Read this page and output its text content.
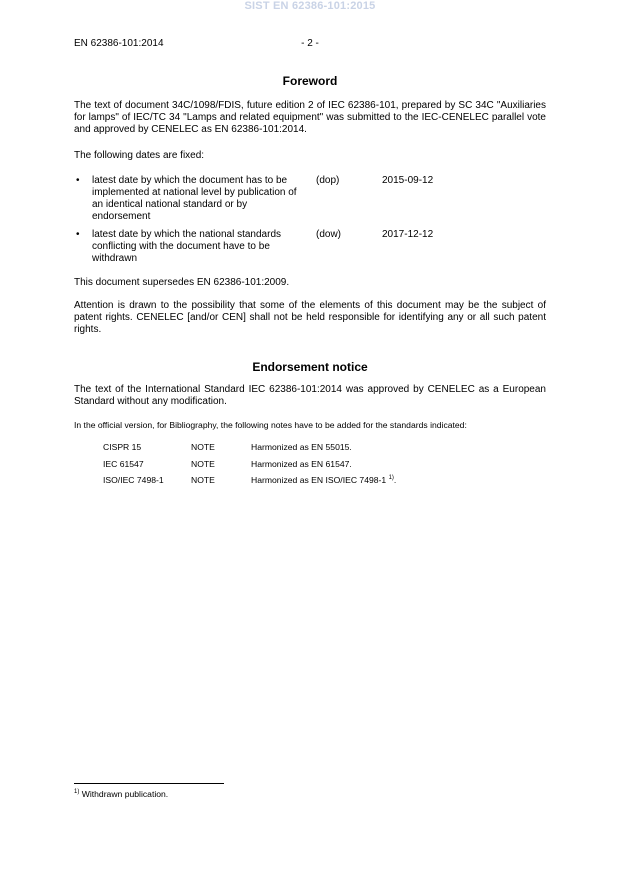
SIST EN 62386-101:2015
EN 62386-101:2014	- 2 -
Foreword
The text of document 34C/1098/FDIS, future edition 2 of IEC 62386-101, prepared by SC 34C "Auxiliaries for lamps" of IEC/TC 34 "Lamps and related equipment" was submitted to the IEC-CENELEC parallel vote and approved by CENELEC as EN 62386-101:2014.
The following dates are fixed:
• latest date by which the document has to be implemented at national level by publication of an identical national standard or by endorsement
(dop)	2015-09-12
• latest date by which the national standards conflicting with the document have to be withdrawn
(dow)	2017-12-12
This document supersedes EN 62386-101:2009.
Attention is drawn to the possibility that some of the elements of this document may be the subject of patent rights. CENELEC [and/or CEN] shall not be held responsible for identifying any or all such patent rights.
Endorsement notice
The text of the International Standard IEC 62386-101:2014 was approved by CENELEC as a European Standard without any modification.
In the official version, for Bibliography, the following notes have to be added for the standards indicated:
CISPR 15	NOTE	Harmonized as EN 55015.
IEC 61547	NOTE	Harmonized as EN 61547.
ISO/IEC 7498-1	NOTE	Harmonized as EN ISO/IEC 7498-1 $^{1)}$.
$^{1)}$ Withdrawn publication.
